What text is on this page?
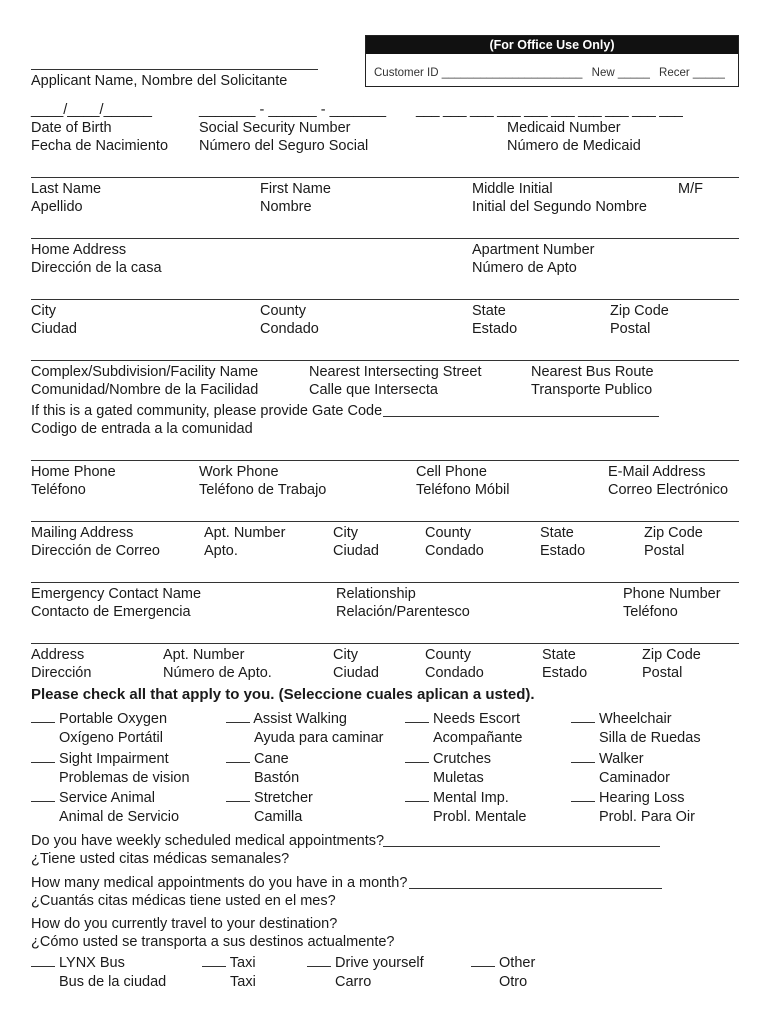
(For Office Use Only)
Customer ID ______________________ New _____ Recer _____
Applicant Name, Nombre del Solicitante
____/____/______
Date of Birth
Fecha de Nacimiento
_______ - ______ - _______
Social Security Number
Número del Seguro Social
___ ___ ___ ___ ___ ___ ___ ___ ___ ___
Medicaid Number
Número de Medicaid
Last Name
Apellido
First Name
Nombre
Middle Initial
Initial del Segundo Nombre
M/F
Home Address
Dirección de la casa
Apartment Number
Número de Apto
City
Ciudad
County
Condado
State
Estado
Zip Code
Postal
Complex/Subdivision/Facility Name
Comunidad/Nombre de la Facilidad
Nearest Intersecting Street
Calle que Intersecta
Nearest Bus Route
Transporte Publico
If this is a gated community, please provide Gate Code
Codigo de entrada a la comunidad
Home Phone
Teléfono
Work Phone
Teléfono de Trabajo
Cell Phone
Teléfono Móbil
E-Mail Address
Correo Electrónico
Mailing Address
Dirección de Correo
Apt. Number
Apto.
City
Ciudad
County
Condado
State
Estado
Zip Code
Postal
Emergency Contact Name
Contacto de Emergencia
Relationship
Relación/Parentesco
Phone Number
Teléfono
Address
Dirección
Apt. Number
Número de Apto.
City
Ciudad
County
Condado
State
Estado
Zip Code
Postal
Please check all that apply to you. (Seleccione cuales aplican a usted).
Portable Oxygen
Oxígeno Portátil
Assist Walking
Ayuda para caminar
Needs Escort
Acompañante
Wheelchair
Silla de Ruedas
Sight Impairment
Problemas de vision
Cane
Bastón
Crutches
Muletas
Walker
Caminador
Service Animal
Animal de Servicio
Stretcher
Camilla
Mental Imp.
Probl. Mentale
Hearing Loss
Probl. Para Oir
Do you have weekly scheduled medical appointments?
¿Tiene usted citas médicas semanales?
How many medical appointments do you have in a month?
¿Cuantás citas médicas tiene usted en el mes?
How do you currently travel to your destination?
¿Cómo usted se transporta a sus destinos actualmente?
LYNX Bus
Bus de la ciudad
Taxi
Taxi
Drive yourself
Carro
Other
Otro
